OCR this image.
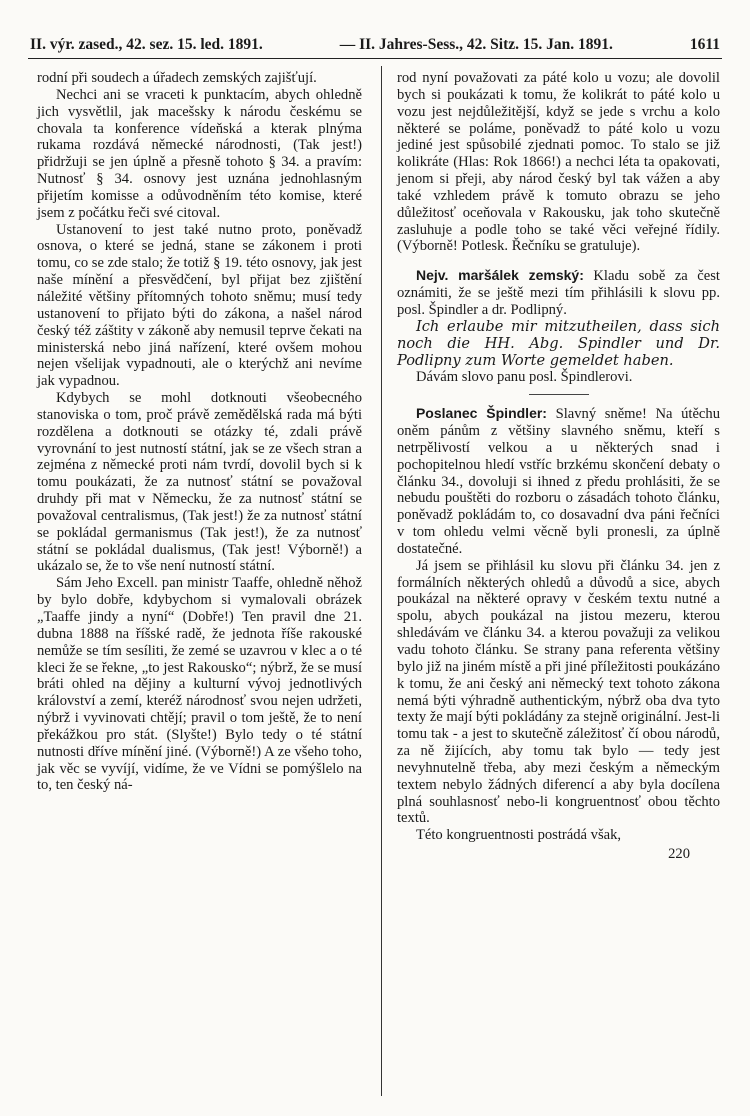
II. výr. zased., 42. sez. 15. led. 1891.	— II. Jahres-Sess., 42. Sitz. 15. Jan. 1891.	1611

rodní při soudech a úřadech zemských zajišťují.

Nechci ani se vraceti k punktacím, abych ohledně jich vysvětlil, jak macešsky k národu českému se chovala ta konference vídeňská a kterak plnýma rukama rozdává německé národnosti, (Tak jest!) přidržuji se jen úplně a přesně tohoto § 34. a pravím: Nutnosť § 34. osnovy jest uznána jednohlasným přijetím komisse a odůvodněním této komise, které jsem z počátku řeči své citoval.

Ustanovení to jest také nutno proto, poněvadž osnova, o které se jedná, stane se zákonem i proti tomu, co se zde stalo; že totiž § 19. této osnovy, jak jest naše mínění a přesvědčení, byl přijat bez zjištění náležité většiny přítomných tohoto sněmu; musí tedy ustanovení to přijato býti do zákona, a našel národ český též záštity v zákoně aby nemusil teprve čekati na ministerská nebo jiná nařízení, které ovšem mohou nejen všelijak vypadnouti, ale o kterýchž ani nevíme jak vypadnou.

Kdybych se mohl dotknouti všeobecného stanoviska o tom, proč právě zemědělská rada má býti rozdělena a dotknouti se otázky té, zdali právě vyrovnání to jest nutností státní, jak se ze všech stran a zejména z německé proti nám tvrdí, dovolil bych si k tomu poukázati, že za nutnosť státní se považoval druhdy při mat v Německu, že za nutnosť státní se považoval centralismus, (Tak jest!) že za nutnosť státní se pokládal germanismus (Tak jest!), že za nutnosť státní se pokládal dualismus, (Tak jest! Výborně!) a ukázalo se, že to vše není nutností státní.

Sám Jeho Excell. pan ministr Taaffe, ohledně něhož by bylo dobře, kdybychom si vymalovali obrázek „Taaffe jindy a nyní“ (Dobře!) Ten pravil dne 21. dubna 1888 na říšské radě, že jednota říše rakouské nemůže se tím sesíliti, že zemé se uzavrou v klec a o té kleci že se řekne, „to jest Rakousko“; nýbrž, že se musí bráti ohled na dějiny a kulturní vývoj jednotlivých království a zemí, kteréž národnosť svou nejen udržeti, nýbrž i vyvinovati chtějí; pravil o tom ještě, že to není překážkou pro stát. (Slyšte!) Bylo tedy o té státní nutnosti dříve mínění jiné. (Výborně!) A ze všeho toho, jak věc se vyvíjí, vidíme, že ve Vídni se pomýšlelo na to, ten český ná-

rod nyní považovati za páté kolo u vozu; ale dovolil bych si poukázati k tomu, že kolikrát to páté kolo u vozu jest nejdůležitější, když se jede s vrchu a kolo některé se poláme, poněvadž to páté kolo u vozu jediné jest spůsobilé zjednati pomoc. To stalo se již kolikráte (Hlas: Rok 1866!) a nechci léta ta opakovati, jenom si přeji, aby národ český byl tak vážen a aby také vzhledem právě k tomuto obrazu se jeho důležitosť oceňovala v Rakousku, jak toho skutečně zasluhuje a podle toho se také věci veřejné řídily. (Výborně! Potlesk. Řečníku se gratuluje).

Nejv. maršálek zemský: Kladu sobě za čest oznámiti, že se ještě mezi tím přihlásili k slovu pp. posl. Špindler a dr. Podlipný.

Ich erlaube mir mitzutheilen, dass sich noch die HH. Abg. Spindler und Dr. Podlipny zum Worte gemeldet haben.

Dávám slovo panu posl. Špindlerovi.

Poslanec Špindler: Slavný sněme! Na útěchu oněm pánům z většiny slavného sněmu, kteří s netrpělivostí velkou a u některých snad i pochopitelnou hledí vstříc brzkému skončení debaty o článku 34., dovoluji si ihned z předu prohlásiti, že se nebudu pouštěti do rozboru o zásadách tohoto článku, poněvadž pokládám to, co dosavadní dva páni řečníci v tom ohledu velmi věcně byli pronesli, za úplně dostatečné.

Já jsem se přihlásil ku slovu při článku 34. jen z formálních některých ohledů a důvodů a sice, abych poukázal na některé opravy v českém textu nutné a spolu, abych poukázal na jistou mezeru, kterou shledávám ve článku 34. a kterou považuji za velikou vadu tohoto článku. Se strany pana referenta většiny bylo již na jiném místě a při jiné příležitosti poukázáno k tomu, že ani český ani německý text tohoto zákona nemá býti výhradně authentickým, nýbrž oba dva tyto texty že mají býti pokládány za stejně originální. Jest-li tomu tak - a jest to skutečně záležitosť čí obou národů, za ně žijících, aby tomu tak bylo — tedy jest nevyhnutelně třeba, aby mezi českým a německým textem nebylo žádných diferencí a aby byla docílena plná souhlasnosť nebo-li kongruentnosť obou těchto textů.

Této kongruentnosti postrádá však,

220
